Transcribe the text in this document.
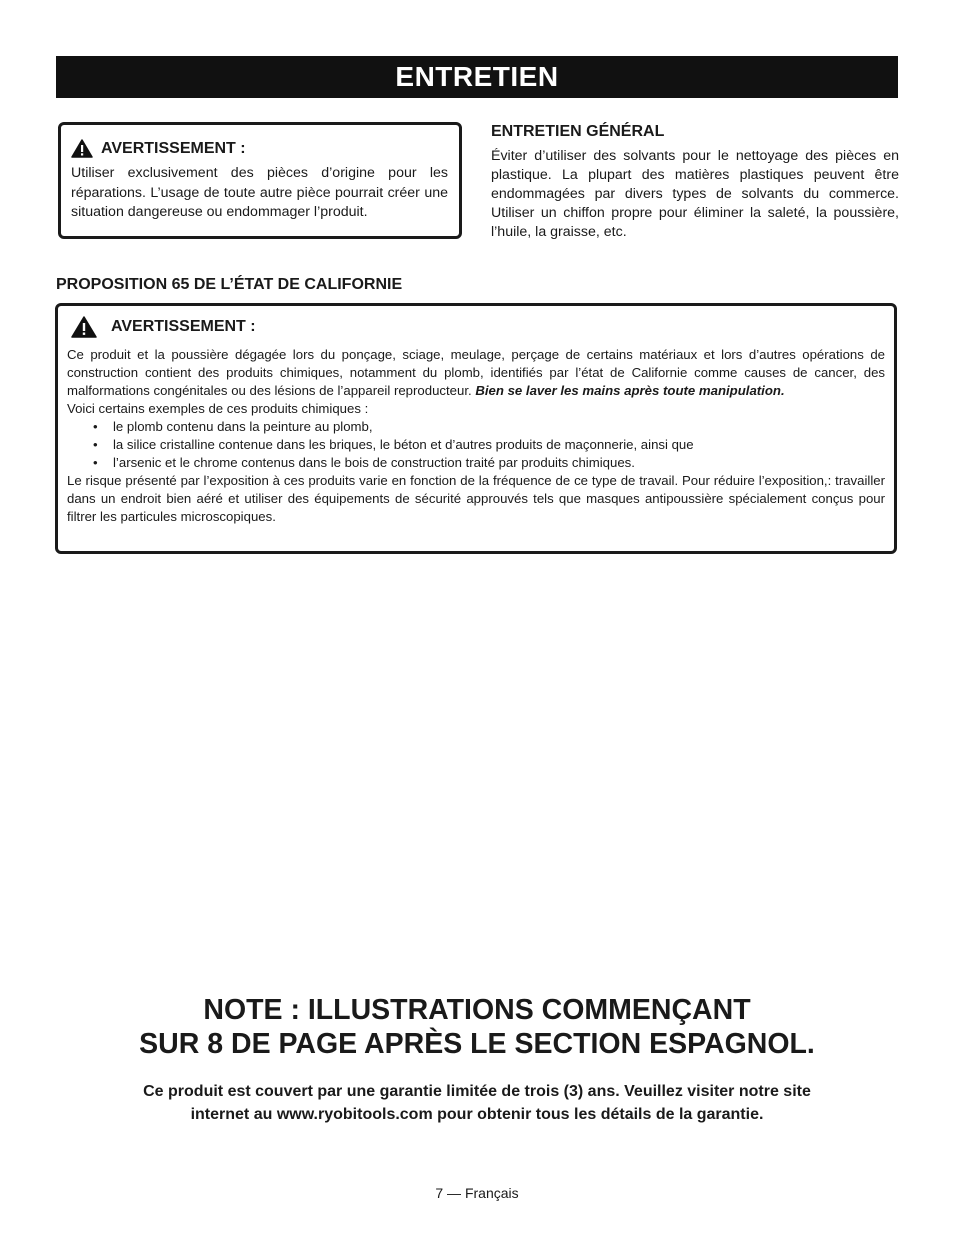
ENTRETIEN
AVERTISSEMENT :
Utiliser exclusivement des pièces d’origine pour les réparations. L’usage de toute autre pièce pourrait créer une situation dangereuse ou endommager l’produit.
ENTRETIEN GÉNÉRAL

Éviter d’utiliser des solvants pour le nettoyage des pièces en plastique. La plupart des matières plastiques peuvent être endommagées par divers types de solvants du commerce. Utiliser un chiffon propre pour éliminer la saleté, la poussière, l’huile, la graisse, etc.

PROPOSITION 65 DE L’ÉTAT DE CALIFORNIE
AVERTISSEMENT :

Ce produit et la poussière dégagée lors du ponçage, sciage, meulage, perçage de certains matériaux et lors d’autres opérations de construction contient des produits chimiques, notamment du plomb, identifiés par l’état de Californie comme causes de cancer, des malformations congénitales ou des lésions de l’appareil reproducteur. Bien se laver les mains après toute manipulation.

Voici certains exemples de ces produits chimiques :

• le plomb contenu dans la peinture au plomb,
• la silice cristalline contenue dans les briques, le béton et d’autres produits de maçonnerie, ainsi que
• l’arsenic et le chrome contenus dans le bois de construction traité par produits chimiques.

Le risque présenté par l’exposition à ces produits varie en fonction de la fréquence de ce type de travail. Pour réduire l’exposition,: travailler dans un endroit bien aéré et utiliser des équipements de sécurité approuvés tels que masques antipoussière spécialement conçus pour filtrer les particules microscopiques.

NOTE : ILLUSTRATIONS COMMENÇANT
SUR 8 DE PAGE APRÈS LE SECTION ESPAGNOL.
Ce produit est couvert par une garantie limitée de trois (3) ans. Veuillez visiter notre site
internet au www.ryobitools.com pour obtenir tous les détails de la garantie.
7 — Français
